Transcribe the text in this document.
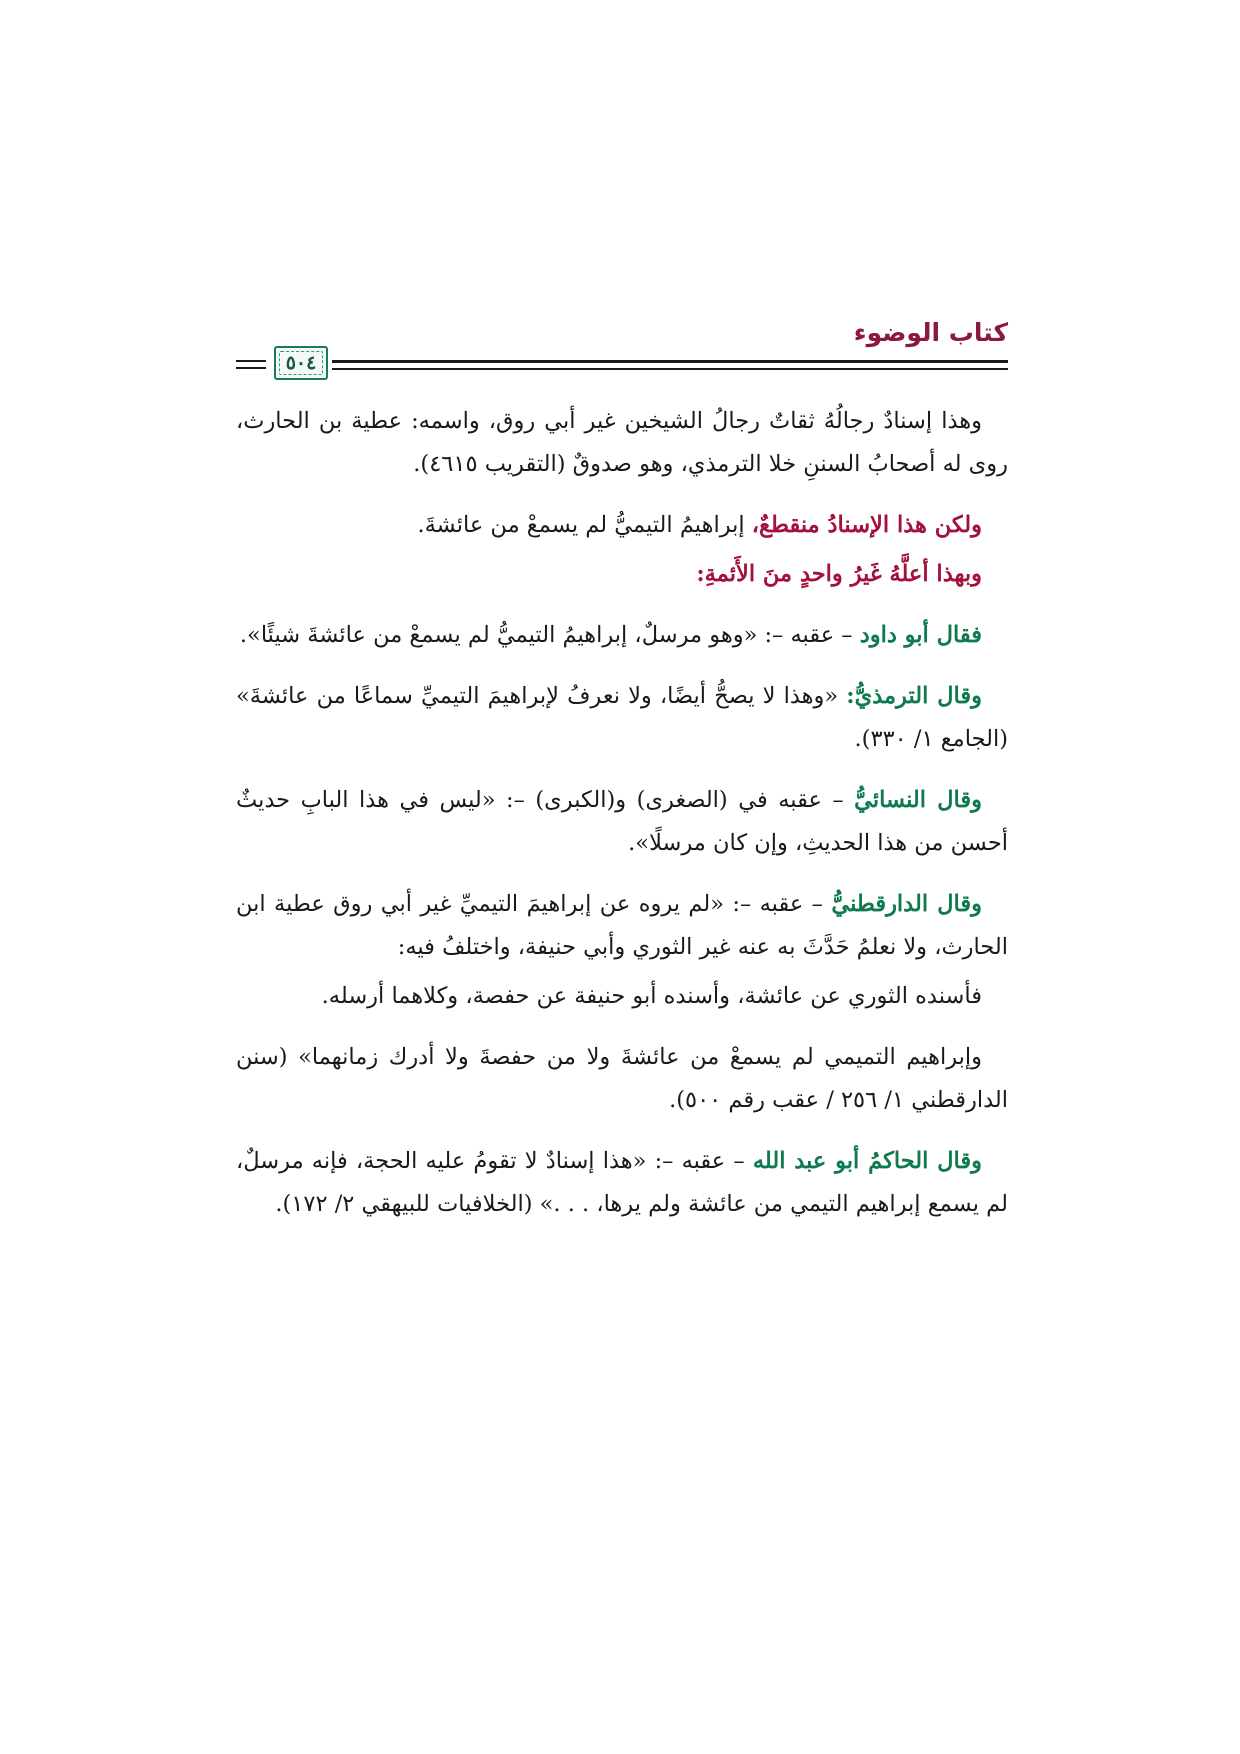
كتاب الوضوء
٥٠٤

وهذا إسنادٌ رجالُهُ ثقاتٌ رجالُ الشيخين غير أبي روق، واسمه: عطية بن الحارث، روى له أصحابُ السننِ خلا الترمذي، وهو صدوقٌ (التقريب ٤٦١٥).

ولكن هذا الإسنادُ منقطعٌ، إبراهيمُ التيميُّ لم يسمعْ من عائشةَ.

وبهذا أعلَّهُ غَيرُ واحدٍ منَ الأَئمةِ:

فقال أبو داود – عقبه –: «وهو مرسلٌ، إبراهيمُ التيميُّ لم يسمعْ من عائشةَ شيئًا».

وقال الترمذيُّ: «وهذا لا يصحُّ أيضًا، ولا نعرفُ لإبراهيمَ التيميِّ سماعًا من عائشةَ» (الجامع ١/ ٣٣٠).

وقال النسائيُّ – عقبه في (الصغرى) و(الكبرى) –: «ليس في هذا البابِ حديثٌ أحسن من هذا الحديثِ، وإن كان مرسلًا».

وقال الدارقطنيُّ – عقبه –: «لم يروه عن إبراهيمَ التيميِّ غير أبي روق عطية ابن الحارث، ولا نعلمُ حَدَّثَ به عنه غير الثوري وأبي حنيفة، واختلفُ فيه:

فأسنده الثوري عن عائشة، وأسنده أبو حنيفة عن حفصة، وكلاهما أرسله.

وإبراهيم التميمي لم يسمعْ من عائشةَ ولا من حفصةَ ولا أدرك زمانهما» (سنن الدارقطني ١/ ٢٥٦ / عقب رقم ٥٠٠).

وقال الحاكمُ أبو عبد الله – عقبه –: «هذا إسنادٌ لا تقومُ عليه الحجة، فإنه مرسلٌ، لم يسمع إبراهيم التيمي من عائشة ولم يرها، . . .» (الخلافيات للبيهقي ٢/ ١٧٢).
